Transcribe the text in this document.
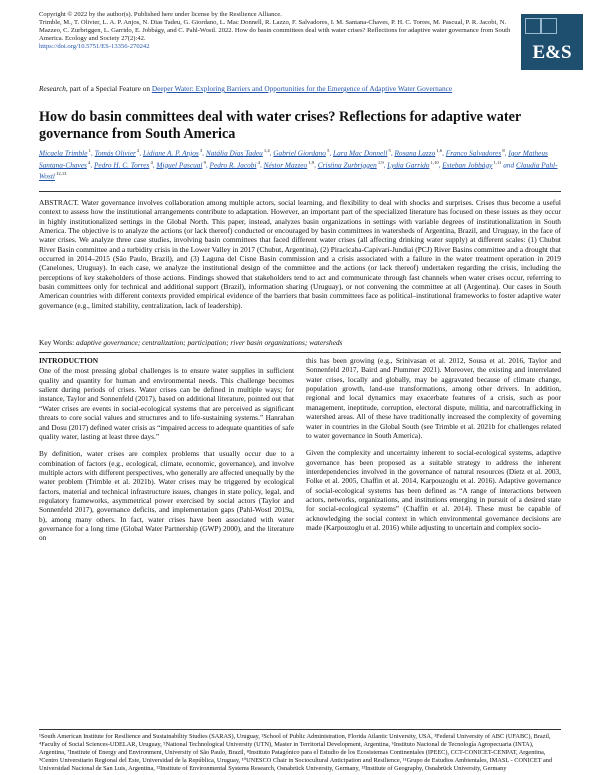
Copyright © 2022 by the author(s). Published here under license by the Resilience Alliance.
Trimble, M., T. Olivier, L. A. P. Anjos, N. Dias Tadeu, G. Giordano, L. Mac Donnell, R. Lazzo, F. Salvadores, I. M. Santana-Chaves, P. H. C. Torres, M. Pascual, P. R. Jacobi, N. Mazzeo, C. Zurbriggen, L. Garrido, E. Jobbágy, and C. Pahl-Wostl. 2022. How do basin committees deal with water crises? Reflections for adaptive water governance from South America. Ecology and Society 27(2):42.
https://doi.org/10.5751/ES-13356-270242	E&S
Research, part of a Special Feature on Deeper Water: Exploring Barriers and Opportunities for the Emergence of Adaptive Water Governance
How do basin committees deal with water crises? Reflections for adaptive water governance from South America
Micaela Trimble $^1$, Tomás Olivier $^2$, Lidiane A. P. Anjos $^3$, Natália Dias Tadeu $^{1,4}$, Gabriel Giordano $^5$, Lara Mac Donnell $^5$, Rosana Lazzo $^{1,6}$, Franco Salvadores $^8$, Igor Matheus Santana-Chaves $^4$, Pedro H. C. Torres $^4$, Miguel Pascual $^9$, Pedro R. Jacobi $^4$, Néstor Mazzeo $^{1,9}$, Cristina Zurbriggen $^{1,9}$, Lydia Garrido $^{1,10}$, Esteban Jobbágy $^{1,11}$ and Claudia Pahl-Wostl $^{12,13}$
ABSTRACT. Water governance involves collaboration among multiple actors, social learning, and flexibility to deal with shocks and surprises. Crises thus become a useful context to assess how the institutional arrangements contribute to adaptation. However, an important part of the specialized literature has focused on these issues as they occur in highly institutionalized settings in the Global North. This paper, instead, analyzes basin organizations in settings with variable degrees of institutionalization in South America. The objective is to analyze the actions (or lack thereof) conducted or encouraged by basin committees in watersheds of Argentina, Brazil, and Uruguay, in the face of water crises. We analyze three case studies, involving basin committees that faced different water crises (all affecting drinking water supply) at different scales: (1) Chubut River Basin committee and a turbidity crisis in the Lower Valley in 2017 (Chubut, Argentina), (2) Piracicaba-Capivari-Jundiaí (PCJ) River Basins committee and a drought that occurred in 2014–2015 (São Paulo, Brazil), and (3) Laguna del Cisne Basin commission and a crisis associated with a failure in the water treatment operation in 2019 (Canelones, Uruguay). In each case, we analyze the institutional design of the committee and the actions (or lack thereof) undertaken regarding the crisis, including the perceptions of key stakeholders of those actions. Findings showed that stakeholders tend to act and communicate through fast channels when water crises occur, referring to basin committees only for technical and additional support (Brazil), information sharing (Uruguay), or not convening the committee at all (Argentina). Our cases in South American countries with different contexts provided empirical evidence of the barriers that basin committees face as political–institutional frameworks to foster adaptive water governance (e.g., limited stability, centralization, lack of leadership).
Key Words: adaptive governance; centralization; participation; river basin organizations; watersheds
INTRODUCTION

One of the most pressing global challenges is to ensure water supplies in sufficient quality and quantity for human and environmental needs. This challenge becomes salient during periods of crises. Water crises can be defined in multiple ways; for instance, Taylor and Sonnenfeld (2017), based on additional literature, pointed out that “Water crises are events in social-ecological systems that are perceived as significant threats to core social values and structures and to life-sustaining systems.” Hanrahan and Dosu (2017) defined water crisis as “impaired access to adequate quantities of safe quality water, lasting at least three days.”

By definition, water crises are complex problems that usually occur due to a combination of factors (e.g., ecological, climate, economic, governance), and involve multiple actors with different perspectives, who generally are affected unequally by the water problem (Trimble et al. 2021b). Water crises may be triggered by ecological factors, material and technical infrastructure issues, changes in state policy, legal, and regulatory frameworks, asymmetrical power exercised by social actors (Taylor and Sonnenfeld 2017), governance deficits, and implementation gaps (Pahl-Wostl 2019a, b), among many others. In fact, water crises have been associated with water governance for a long time (Global Water Partnership (GWP) 2000), and the literature on

this has been growing (e.g., Srinivasan et al. 2012, Sousa et al. 2016, Taylor and Sonnenfeld 2017, Baird and Plummer 2021). Moreover, the existing and interrelated water crises, locally and globally, may be aggravated because of climate change, population growth, land-use transformations, among other drivers. In addition, regional and local dynamics may exacerbate features of a crisis, such as poor management, ineptitude, corruption, electoral dispute, militia, and narcotrafficking in watershed areas. All of these have traditionally increased the complexity of governing water in countries in the Global South (see Trimble et al. 2021b for challenges related to water governance in South America).

Given the complexity and uncertainty inherent to social-ecological systems, adaptive governance has been proposed as a suitable strategy to address the inherent interdependencies involved in the governance of natural resources (Dietz et al. 2003, Folke et al. 2005, Chaffin et al. 2014, Karpouzoglu et al. 2016). Adaptive governance of social-ecological systems has been defined as “A range of interactions between actors, networks, organizations, and institutions emerging in pursuit of a desired state for social-ecological systems” (Chaffin et al. 2014). These must be capable of acknowledging the social context in which environmental governance decisions are made (Karpouzoglu et al. 2016) while adjusting to uncertain and complex socio-

¹South American Institute for Resilience and Sustainability Studies (SARAS), Uruguay, ²School of Public Administration, Florida Atlantic University, USA, ³Federal University of ABC (UFABC), Brazil, ⁴Faculty of Social Sciences-UDELAR, Uruguay, ⁵National Technological University (UTN), Master in Territorial Development, Argentina, ⁶Instituto Nacional de Tecnología Agropecuaria (INTA), Argentina, ⁷Institute of Energy and Environment, University of São Paulo, Brazil, ⁸Instituto Patagónico para el Estudio de los Ecosistemas Continentales (IPEEC), CCT-CONICET-CENPAT, Argentina, ⁹Centro Universitario Regional del Este, Universidad de la República, Uruguay, ¹⁰UNESCO Chair in Sociocultural Anticipation and Resilience, ¹¹Grupo de Estudios Ambientales, IMASL - CONICET and Universidad Nacional de San Luis, Argentina, ¹²Institute of Environmental Systems Research, Osnabrück University, Germany, ¹³Institute of Geography, Osnabrück University, Germany
